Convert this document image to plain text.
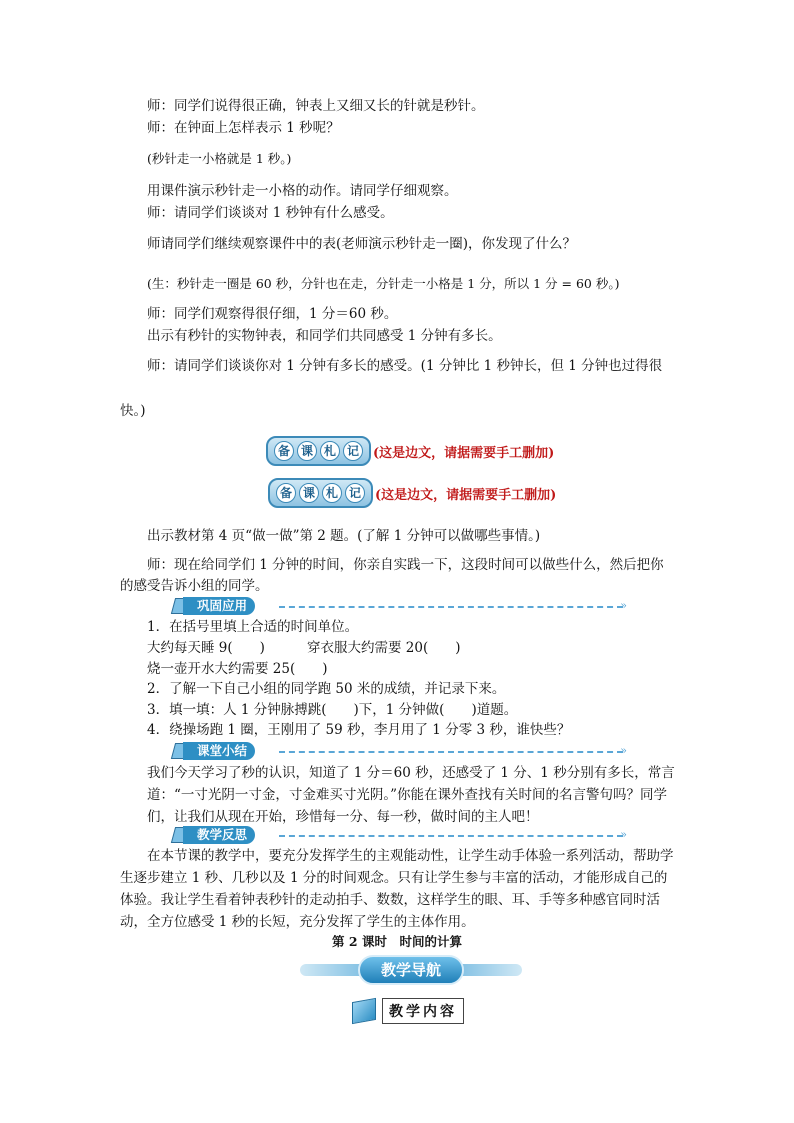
师：同学们说得很正确，钟表上又细又长的针就是秒针。
师：在钟面上怎样表示 1 秒呢？
(秒针走一小格就是 1 秒。)
用课件演示秒针走一小格的动作。请同学仔细观察。
师：请同学们谈谈对 1 秒钟有什么感受。
师请同学们继续观察课件中的表(老师演示秒针走一圈)，你发现了什么？
(生：秒针走一圈是 60 秒，分针也在走，分针走一小格是 1 分，所以 1 分 = 60 秒。)
师：同学们观察得很仔细，1 分＝60 秒。
出示有秒针的实物钟表，和同学们共同感受 1 分钟有多长。
师：请同学们谈谈你对 1 分钟有多长的感受。(1 分钟比 1 秒钟长，但 1 分钟也过得很
快。)
备 课 札 记	(这是边文，请据需要手工删加)
备 课 札 记	(这是边文，请据需要手工删加)
出示教材第 4 页“做一做”第 2 题。(了解 1 分钟可以做哪些事情。)
师：现在给同学们 1 分钟的时间，你亲自实践一下，这段时间可以做些什么，然后把你
的感受告诉小组的同学。
巩固应用	»
1．在括号里填上合适的时间单位。
大约每天睡 9(　　)	穿衣服大约需要 20(　　)
烧一壶开水大约需要 25(　　)
2．了解一下自己小组的同学跑 50 米的成绩，并记录下来。
3．填一填：人 1 分钟脉搏跳(　　)下，1 分钟做(　　)道题。
4．绕操场跑 1 圈，王刚用了 59 秒，李月用了 1 分零 3 秒，谁快些？
课堂小结	»
我们今天学习了秒的认识，知道了 1 分＝60 秒，还感受了 1 分、1 秒分别有多长，常言道：“一寸光阴一寸金，寸金难买寸光阴。”你能在课外查找有关时间的名言警句吗？同学们，让我们从现在开始，珍惜每一分、每一秒，做时间的主人吧！
教学反思	»
在本节课的教学中，要充分发挥学生的主观能动性，让学生动手体验一系列活动，帮助学生逐步建立 1 秒、几秒以及 1 分的时间观念。只有让学生参与丰富的活动，才能形成自己的体验。我让学生看着钟表秒针的走动拍手、数数，这样学生的眼、耳、手等多种感官同时活动，全方位感受 1 秒的长短，充分发挥了学生的主体作用。
第 2 课时　时间的计算
教学导航
教学内容
